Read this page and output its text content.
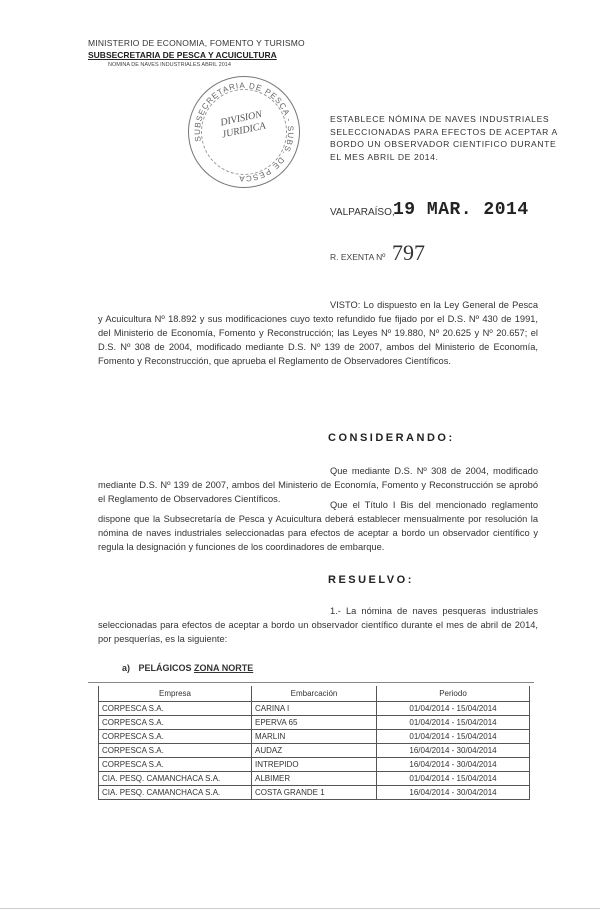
MINISTERIO DE ECONOMIA, FOMENTO Y TURISMO
SUBSECRETARIA DE PESCA Y ACUICULTURA
NOMINA DE NAVES INDUSTRIALES ABRIL 2014
SUBSECRETARIA DE PESCA - SUBS. DE PESCA
DIVISION JURIDICA
ESTABLECE NÓMINA DE NAVES INDUSTRIALES SELECCIONADAS PARA EFECTOS DE ACEPTAR A BORDO UN OBSERVADOR CIENTIFICO DURANTE EL MES ABRIL DE 2014.
VALPARAÍSO,
19 MAR. 2014
R. EXENTA Nº 797
VISTO: Lo dispuesto en la Ley General de Pesca y Acuicultura Nº 18.892 y sus modificaciones cuyo texto refundido fue fijado por el D.S. Nº 430 de 1991, del Ministerio de Economía, Fomento y Reconstrucción; las Leyes Nº 19.880, Nº 20.625 y Nº 20.657; el D.S. Nº 308 de 2004, modificado mediante D.S. Nº 139 de 2007, ambos del Ministerio de Economía, Fomento y Reconstrucción, que aprueba el Reglamento de Observadores Científicos.
CONSIDERANDO:
Que mediante D.S. Nº 308 de 2004, modificado mediante D.S. Nº 139 de 2007, ambos del Ministerio de Economía, Fomento y Reconstrucción se aprobó el Reglamento de Observadores Científicos.
Que el Título I Bis del mencionado reglamento dispone que la Subsecretaría de Pesca y Acuicultura deberá establecer mensualmente por resolución la nómina de naves industriales seleccionadas para efectos de aceptar a bordo un observador científico y regula la designación y funciones de los coordinadores de embarque.
RESUELVO:
1.- La nómina de naves pesqueras industriales seleccionadas para efectos de aceptar a bordo un observador científico durante el mes de abril de 2014, por pesquerías, es la siguiente:
a) PELÁGICOS ZONA NORTE
Empresa	Embarcación	Periodo
CORPESCA S.A.	CARINA I	01/04/2014 - 15/04/2014
CORPESCA S.A.	EPERVA 65	01/04/2014 - 15/04/2014
CORPESCA S.A.	MARLIN	01/04/2014 - 15/04/2014
CORPESCA S.A.	AUDAZ	16/04/2014 - 30/04/2014
CORPESCA S.A.	INTREPIDO	16/04/2014 - 30/04/2014
CIA. PESQ. CAMANCHACA S.A.	ALBIMER	01/04/2014 - 15/04/2014
CIA. PESQ. CAMANCHACA S.A.	COSTA GRANDE 1	16/04/2014 - 30/04/2014
